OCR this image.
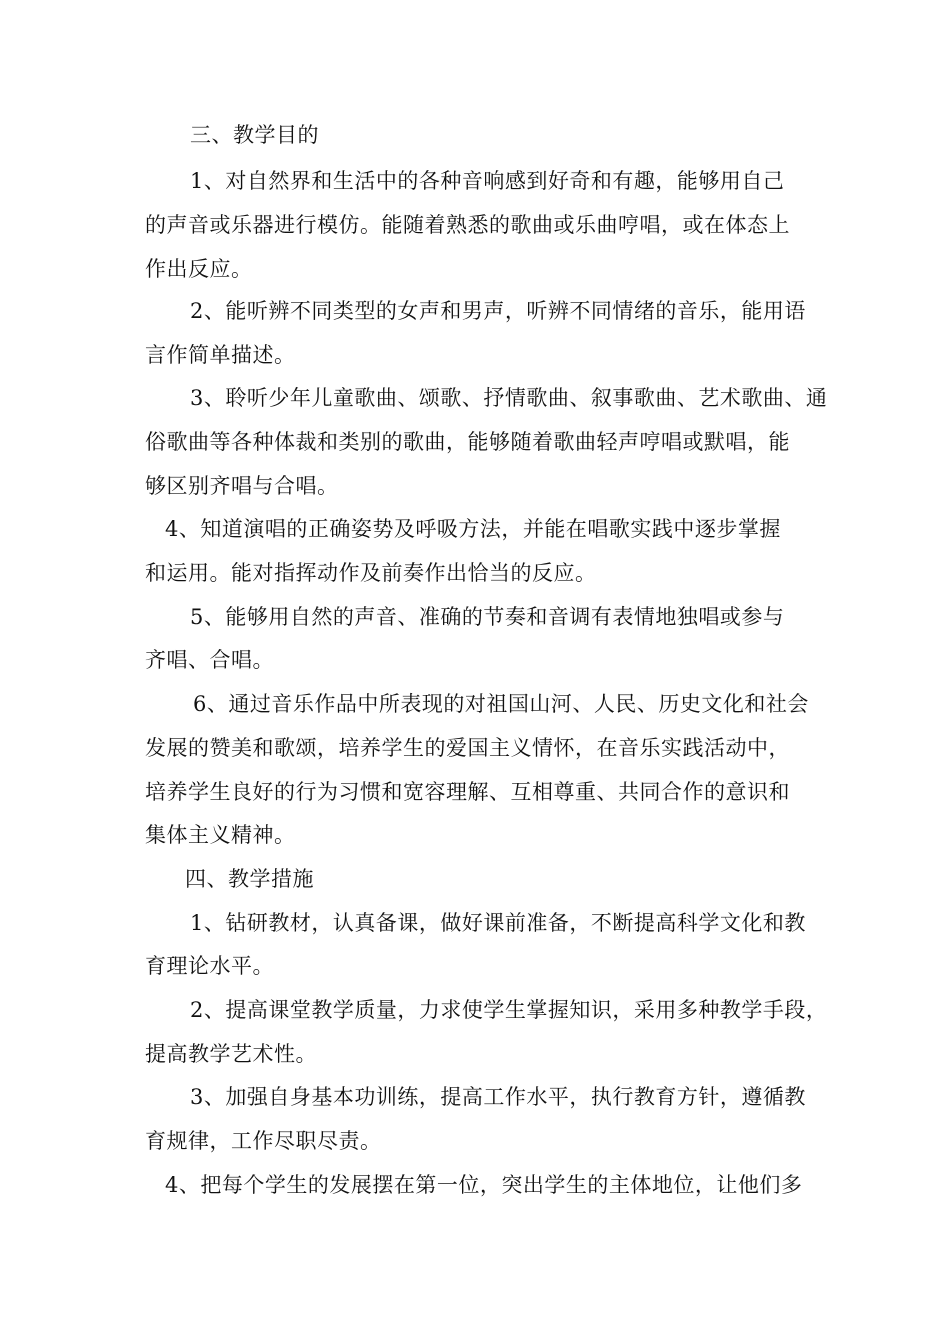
三、教学目的
1、对自然界和生活中的各种音响感到好奇和有趣，能够用自己
的声音或乐器进行模仿。能随着熟悉的歌曲或乐曲哼唱，或在体态上
作出反应。
2、能听辨不同类型的女声和男声，听辨不同情绪的音乐，能用语
言作简单描述。
3、聆听少年儿童歌曲、颂歌、抒情歌曲、叙事歌曲、艺术歌曲、通
俗歌曲等各种体裁和类别的歌曲，能够随着歌曲轻声哼唱或默唱，能
够区别齐唱与合唱。
4、知道演唱的正确姿势及呼吸方法，并能在唱歌实践中逐步掌握
和运用。能对指挥动作及前奏作出恰当的反应。
5、能够用自然的声音、准确的节奏和音调有表情地独唱或参与
齐唱、合唱。
6、通过音乐作品中所表现的对祖国山河、人民、历史文化和社会
发展的赞美和歌颂，培养学生的爱国主义情怀，在音乐实践活动中，
培养学生良好的行为习惯和宽容理解、互相尊重、共同合作的意识和
集体主义精神。
四、教学措施
1、钻研教材，认真备课，做好课前准备，不断提高科学文化和教
育理论水平。
2、提高课堂教学质量，力求使学生掌握知识，采用多种教学手段，
提高教学艺术性。
3、加强自身基本功训练，提高工作水平，执行教育方针，遵循教
育规律，工作尽职尽责。
4、把每个学生的发展摆在第一位，突出学生的主体地位，让他们多
